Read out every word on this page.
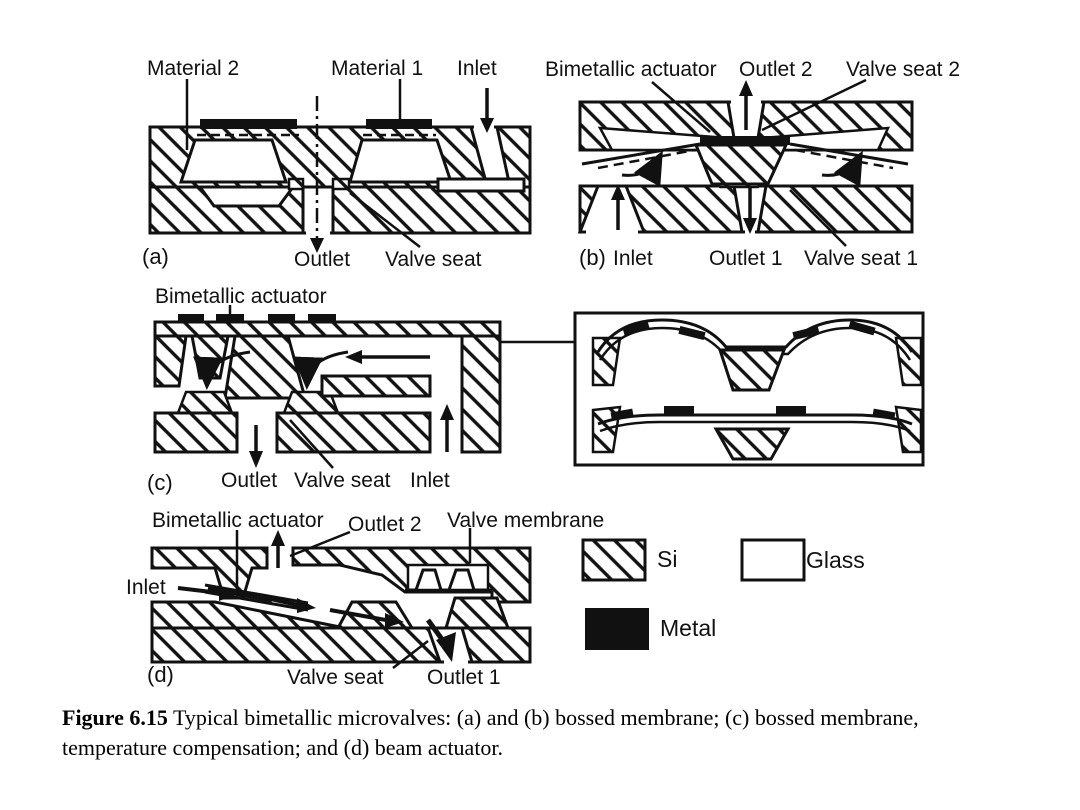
Material 2	Material 1 Inlet
(a)	Outlet Valve seat
Bimetallic actuator Outlet 2 Valve seat 2
(b) Inlet	Outlet 1 Valve seat 1
Bimetallic actuator
(c) Outlet Valve seat Inlet
Bimetallic actuator Outlet 2 Valve membrane
Inlet
(d)	Valve seat Outlet 1
Si	Glass
Metal
Figure 6.15 Typical bimetallic microvalves: (a) and (b) bossed membrane; (c) bossed membrane,
temperature compensation; and (d) beam actuator.
